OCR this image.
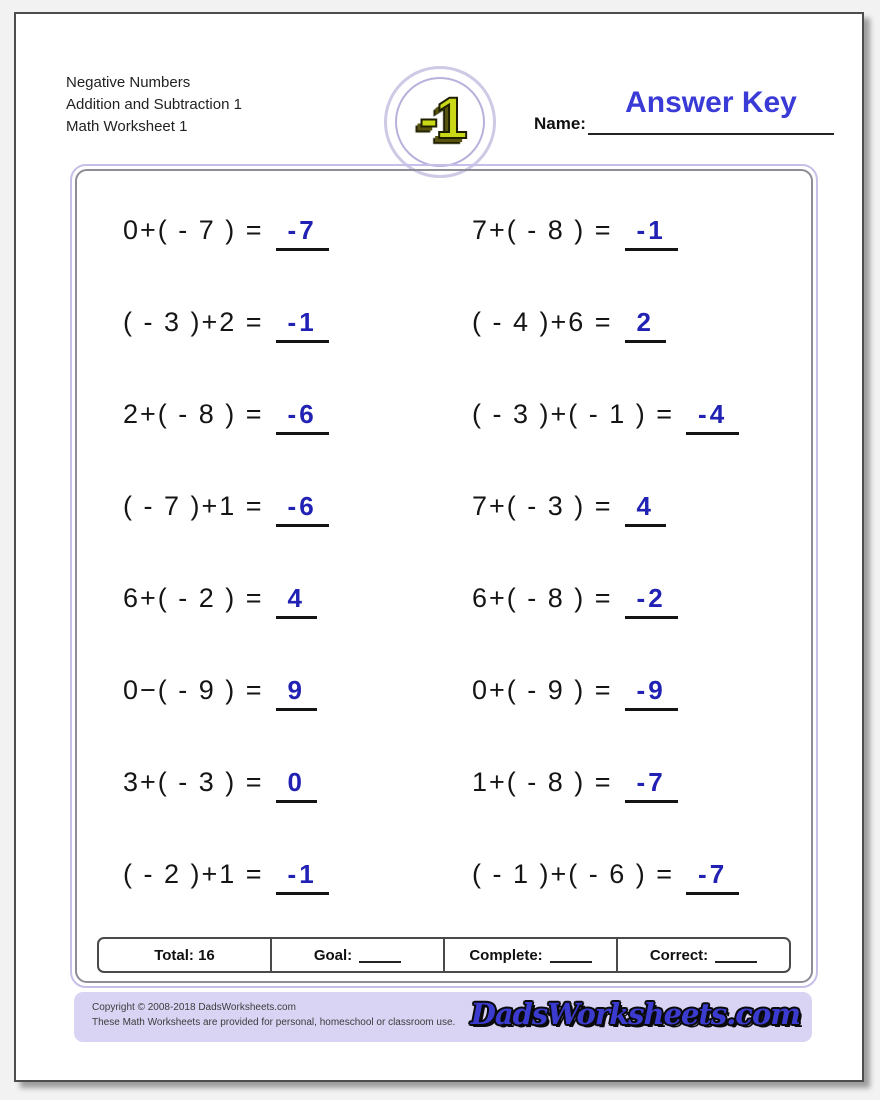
Negative Numbers
Addition and Subtraction 1
Math Worksheet 1	-1	Answer Key
Name:
0+( - 7 ) = -7	7+( - 8 ) = -1
( - 3 )+2 = -1	( - 4 )+6 = 2
2+( - 8 ) = -6	( - 3 )+( - 1 ) = -4
( - 7 )+1 = -6	7+( - 3 ) = 4
6+( - 2 ) = 4	6+( - 8 ) = -2
0−( - 9 ) = 9	0+( - 9 ) = -9
3+( - 3 ) = 0	1+( - 8 ) = -7
( - 2 )+1 = -1	( - 1 )+( - 6 ) = -7
Total: 16	Goal:	Complete:	Correct:
Copyright © 2008-2018 DadsWorksheets.com
These Math Worksheets are provided for personal, homeschool or classroom use. DadsWorksheets.com
